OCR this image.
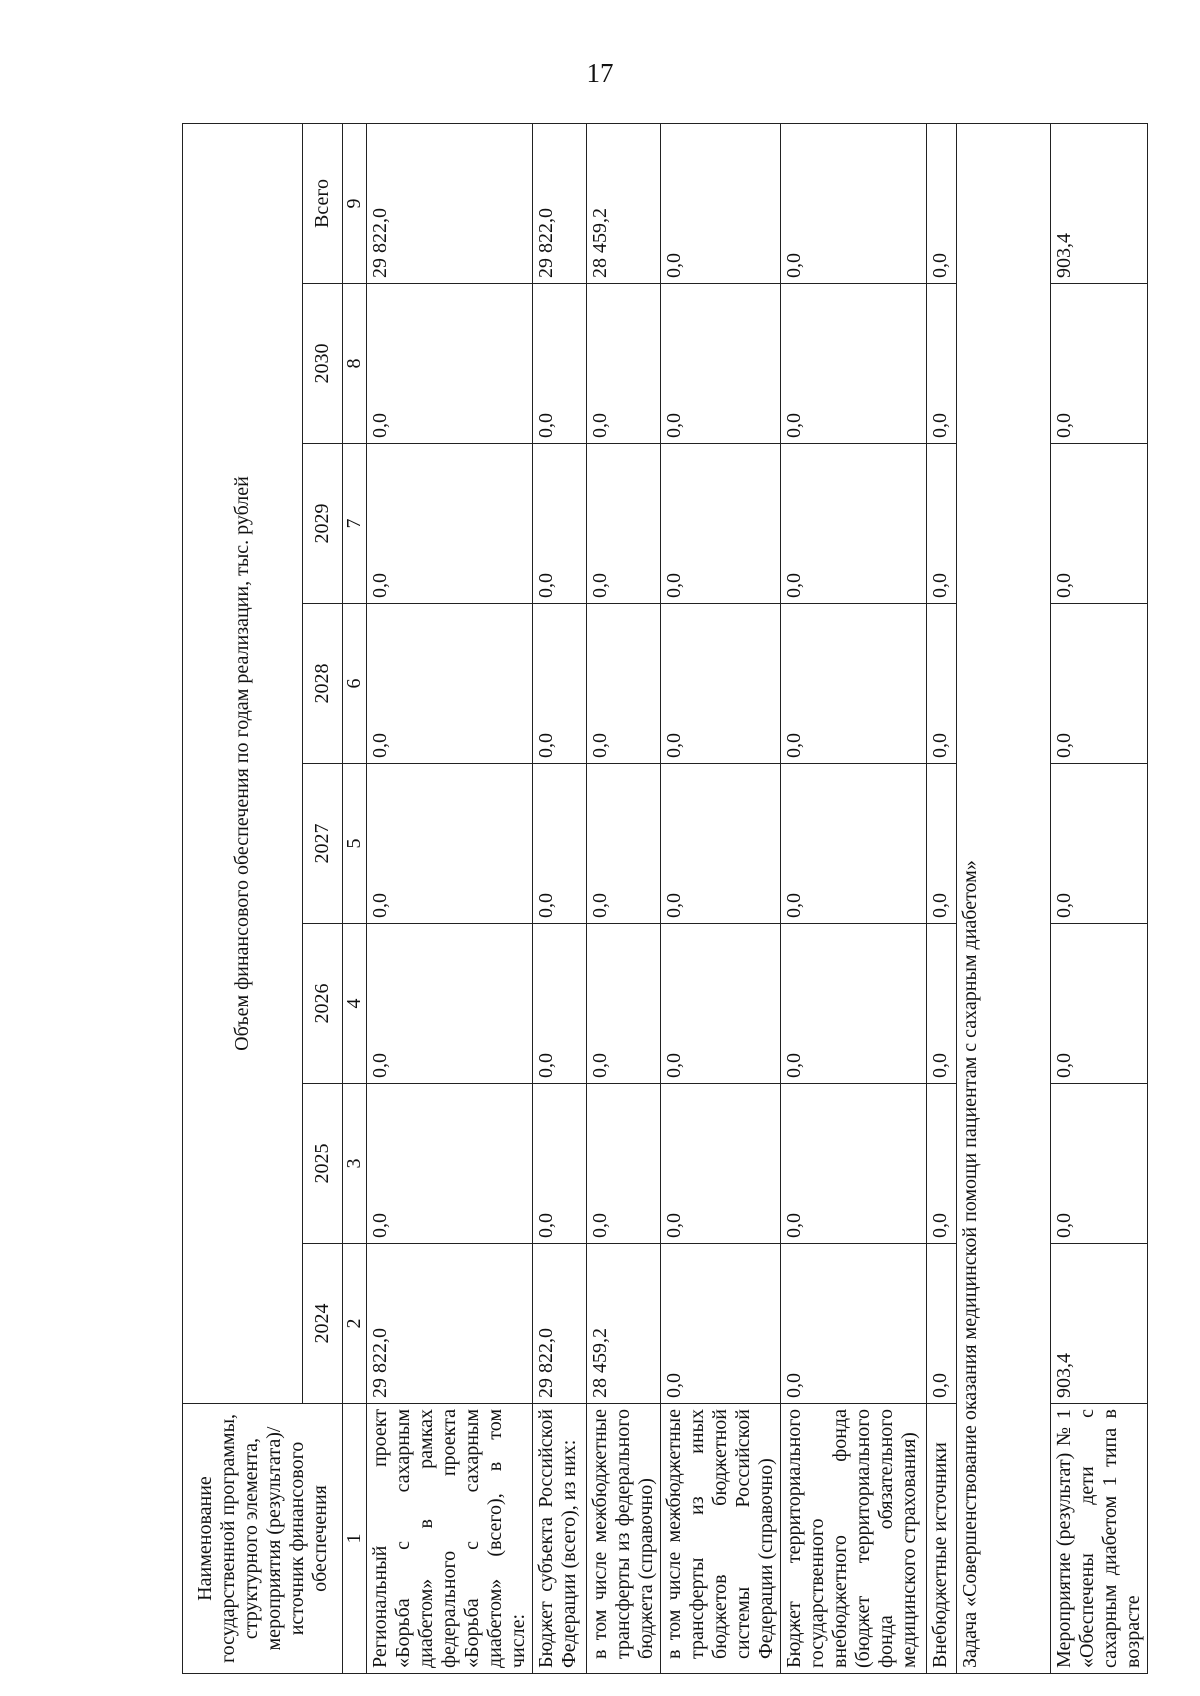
17
Наименование государственной программы, структурного элемента, мероприятия (результата)/источник финансового обеспечения	Объем финансового обеспечения по годам реализации, тыс. рублей							
	2024	2025	2026	2027	2028	2029	2030	Всего
1	2	3	4	5	6	7	8	9
Региональный проект «Борьба с сахарным диабетом» в рамках федерального проекта «Борьба с сахарным диабетом» (всего), в том числе:	29 822,0	0,0	0,0	0,0	0,0	0,0	0,0	29 822,0
Бюджет субъекта Российской Федерации (всего), из них:	29 822,0	0,0	0,0	0,0	0,0	0,0	0,0	29 822,0
в том числе межбюджетные трансферты из федерального бюджета (справочно)	28 459,2	0,0	0,0	0,0	0,0	0,0	0,0	28 459,2
в том числе межбюджетные трансферты из иных бюджетов бюджетной системы Российской Федерации (справочно)	0,0	0,0	0,0	0,0	0,0	0,0	0,0	0,0
Бюджет территориального государственного внебюджетного фонда (бюджет территориального фонда обязательного медицинского страхования)	0,0	0,0	0,0	0,0	0,0	0,0	0,0	0,0
Внебюджетные источники	0,0	0,0	0,0	0,0	0,0	0,0	0,0	0,0
Задача «Совершенствование оказания медицинской помощи пациентам с сахарным диабетом»								
Мероприятие (результат) № 1 «Обеспечены дети с сахарным диабетом 1 типа в возрасте	903,4	0,0	0,0	0,0	0,0	0,0	0,0	903,4
